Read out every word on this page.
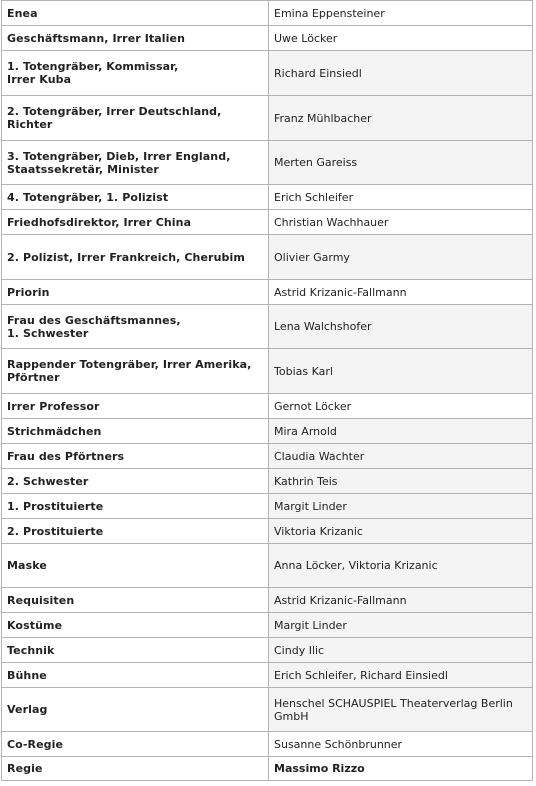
Enea	Emina Eppensteiner
Geschäftsmann, Irrer Italien	Uwe Löcker
1. Totengräber, Kommissar,
Irrer Kuba	Richard Einsiedl
2. Totengräber, Irrer Deutschland,
Richter	Franz Mühlbacher
3. Totengräber, Dieb, Irrer England,
Staatssekretär, Minister	Merten Gareiss
4. Totengräber, 1. Polizist	Erich Schleifer
Friedhofsdirektor, Irrer China	Christian Wachhauer
2. Polizist, Irrer Frankreich, Cherubim	Olivier Garmy
Priorin	Astrid Krizanic-Fallmann
Frau des Geschäftsmannes,
1. Schwester	Lena Walchshofer
Rappender Totengräber, Irrer Amerika,
Pförtner	Tobias Karl
Irrer Professor	Gernot Löcker
Strichmädchen	Mira Arnold
Frau des Pförtners	Claudia Wachter
2. Schwester	Kathrin Teis
1. Prostituierte	Margit Linder
2. Prostituierte	Viktoria Krizanic
Maske	Anna Löcker, Viktoria Krizanic
Requisiten	Astrid Krizanic-Fallmann
Kostüme	Margit Linder
Technik	Cindy Ilic
Bühne	Erich Schleifer, Richard Einsiedl
Verlag	Henschel SCHAUSPIEL Theaterverlag Berlin
GmbH
Co-Regie	Susanne Schönbrunner
Regie	Massimo Rizzo
